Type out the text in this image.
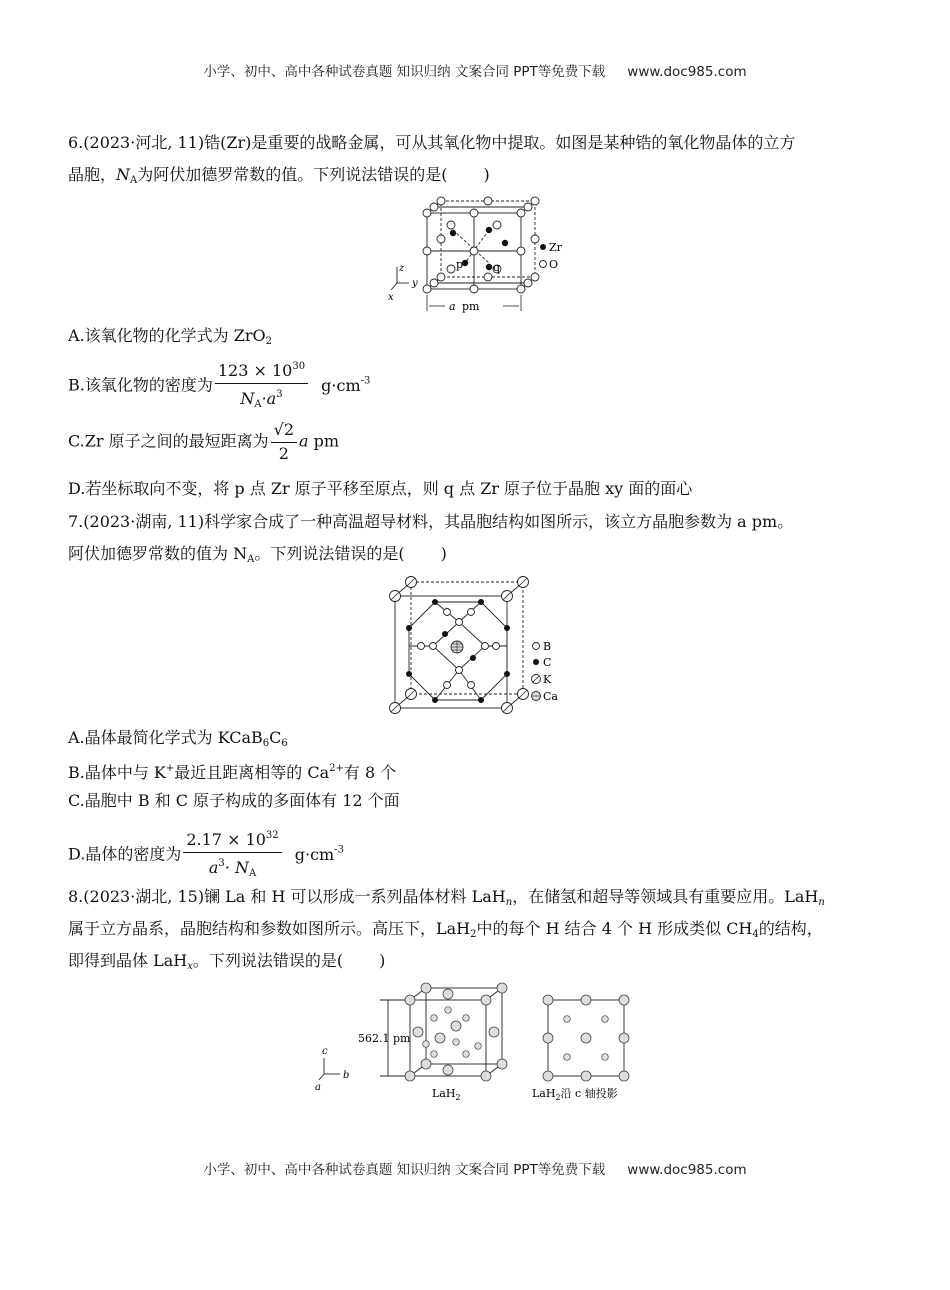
小学、初中、高中各种试卷真题 知识归纳 文案合同 PPT等免费下载 www.doc985.com
6.(2023·河北, 11)锆(Zr)是重要的战略金属，可从其氧化物中提取。如图是某种锆的氧化物晶体的立方
晶胞，$N_A$为阿伏加德罗常数的值。下列说法错误的是( )
p	q
Zr
O
z
y
x
a pm
A.该氧化物的化学式为 ZrO$_2$
B.该氧化物的密度为 $\frac{123 \times 10^{30}}{N_A\cdot a^3} g\cdot cm^{-3}$
C.Zr 原子之间的最短距离为 $\frac{√2}{2}$ a pm
D.若坐标取向不变，将 p 点 Zr 原子平移至原点，则 q 点 Zr 原子位于晶胞 xy 面的面心
7.(2023·湖南, 11)科学家合成了一种高温超导材料，其晶胞结构如图所示，该立方晶胞参数为 a pm。
阿伏加德罗常数的值为 $N_A$。下列说法错误的是( )
B
C
K
Ca
A.晶体最简化学式为 $KCaB_6C_6$
B.晶体中与 K+最近且距离相等的 $Ca^{2+}$有 8 个
C.晶胞中 B 和 C 原子构成的多面体有 12 个面
D.晶体的密度为 $\frac{2.17 \times 10^{32}}{a^3\cdot N_A} g\cdot cm^{-3}$
8.(2023·湖北, 15)镧 La 和 H 可以形成一系列晶体材料 LaH$_n$，在储氢和超导等领域具有重要应用。LaH$_n$
属于立方晶系，晶胞结构和参数如图所示。高压下，LaH$_2$中的每个 H 结合 4 个 H 形成类似 $CH_4$的结构，
即得到晶体 LaH$_x$。下列说法错误的是( )
562.1 pm
c
b
a	LaH$_2$	LaH$_2$沿 c 轴投影
小学、初中、高中各种试卷真题 知识归纳 文案合同 PPT等免费下载 www.doc985.com
